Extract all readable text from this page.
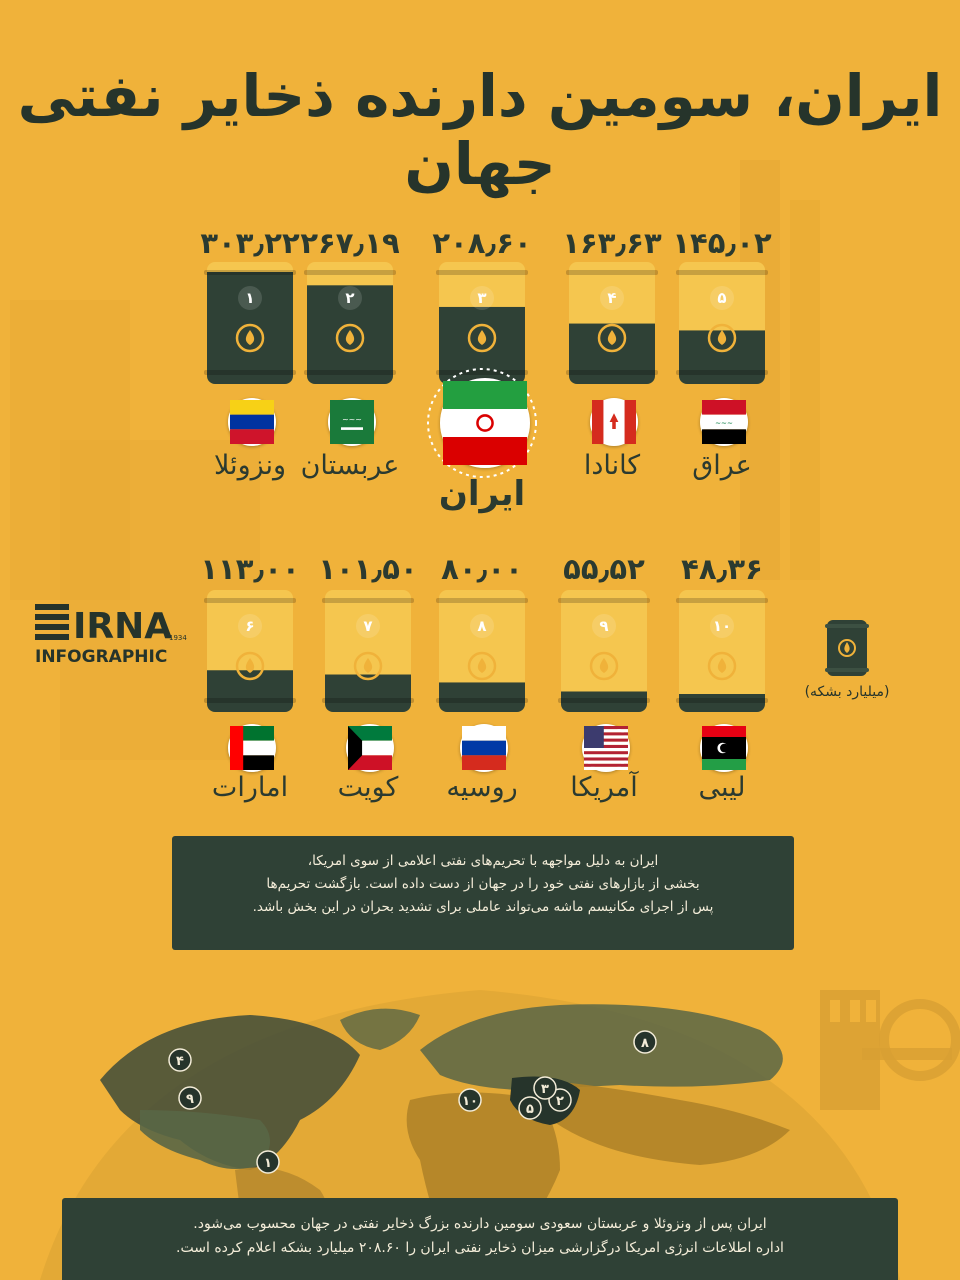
ایران، سومین دارنده ذخایر نفتی جهان
IRNA
1934
INFOGRAPHIC
(میلیارد بشکه)
۱	۲	۳	۴	۵
۶	۷	۸	۹	۱۰
۳۰۳٫۲۲
ونزوئلا
۲۶۷٫۱۹
~~~
عربستان
۲۰۸٫۶۰
ایران
۱۶۳٫۶۳
کانادا
۱۴۵٫۰۲
~~~
عراق
۱۱۳٫۰۰
امارات
۱۰۱٫۵۰
کویت
۸۰٫۰۰
روسیه
۵۵٫۵۲
آمریکا
۴۸٫۳۶
لیبی
ایران به دلیل مواجهه با تحریم‌های نفتی اعلامی از سوی امریکا،
بخشی از بازارهای نفتی خود را در جهان از دست داده است. بازگشت تحریم‌ها
پس از اجرای مکانیسم ماشه می‌تواند عاملی برای تشدید بحران در این بخش باشد.
۱
۲
۳
۴
۵
۸
۹	۱۰
ایران پس از ونزوئلا و عربستان سعودی سومین دارنده بزرگ ذخایر نفتی در جهان محسوب می‌شود.
اداره اطلاعات انرژی امریکا درگزارشی میزان ذخایر نفتی ایران را ۲۰۸.۶۰ میلیارد بشکه اعلام کرده است.
